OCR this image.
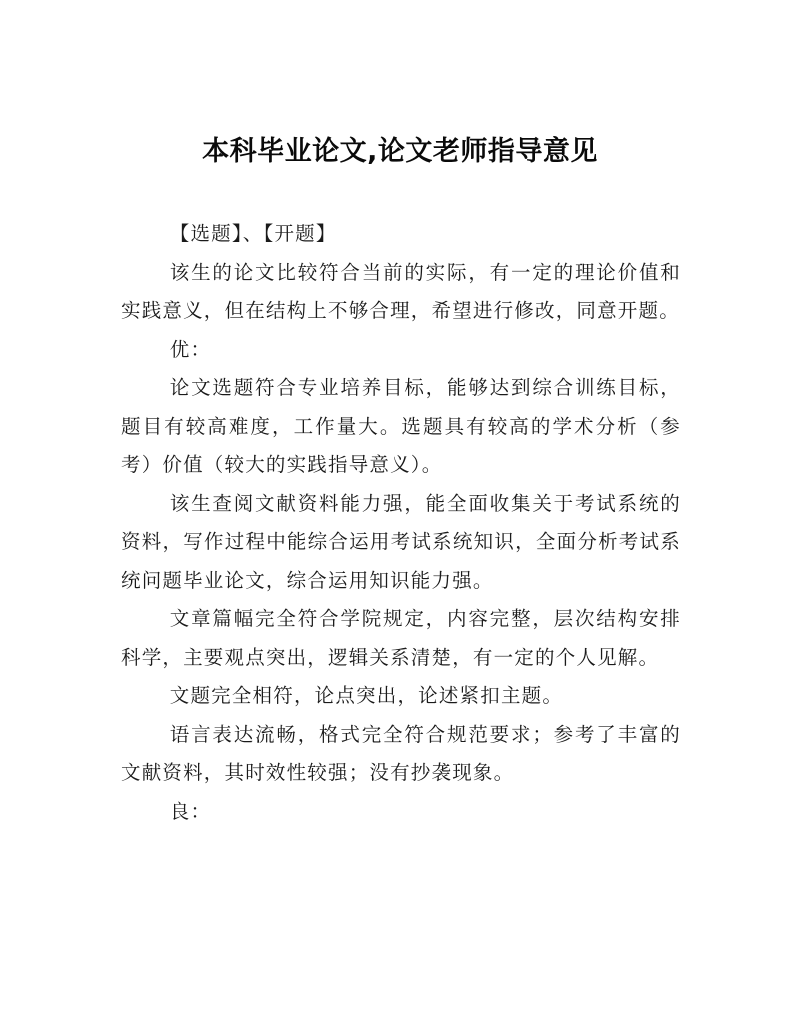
本科毕业论文,论文老师指导意见

【选题】、【开题】

该生的论文比较符合当前的实际，有一定的理论价值和实践意义，但在结构上不够合理，希望进行修改，同意开题。

优：

论文选题符合专业培养目标，能够达到综合训练目标，题目有较高难度，工作量大。选题具有较高的学术分析（参考）价值（较大的实践指导意义）。

该生查阅文献资料能力强，能全面收集关于考试系统的资料，写作过程中能综合运用考试系统知识，全面分析考试系统问题毕业论文，综合运用知识能力强。

文章篇幅完全符合学院规定，内容完整，层次结构安排科学，主要观点突出，逻辑关系清楚，有一定的个人见解。

文题完全相符，论点突出，论述紧扣主题。

语言表达流畅，格式完全符合规范要求；参考了丰富的文献资料，其时效性较强；没有抄袭现象。

良：
